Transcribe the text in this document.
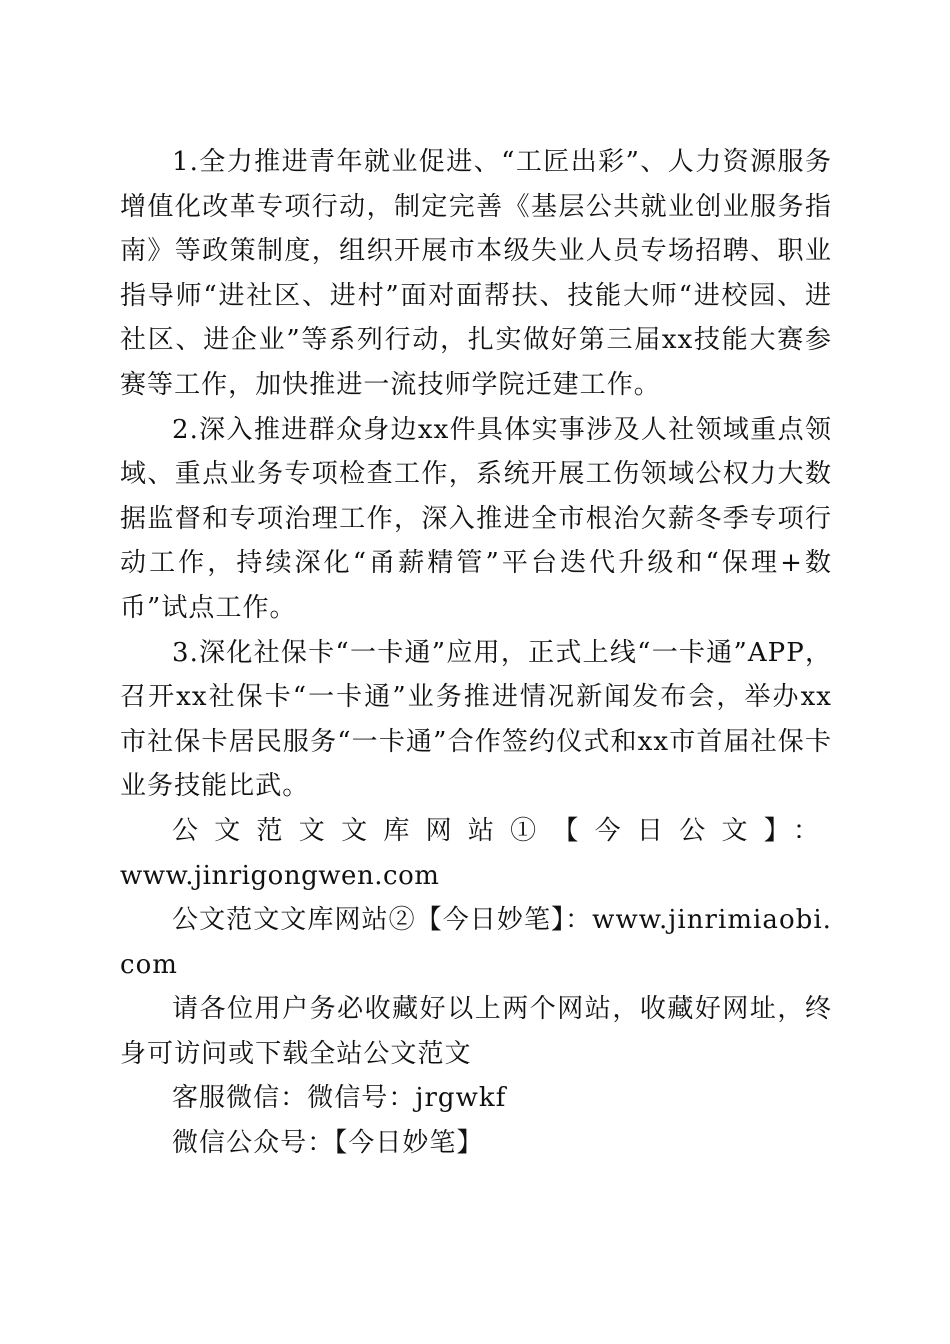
1.全力推进青年就业促进、“工匠出彩”、人力资源服务增值化改革专项行动，制定完善《基层公共就业创业服务指南》等政策制度，组织开展市本级失业人员专场招聘、职业指导师“进社区、进村”面对面帮扶、技能大师“进校园、进社区、进企业”等系列行动，扎实做好第三届xx技能大赛参赛等工作，加快推进一流技师学院迁建工作。

2.深入推进群众身边xx件具体实事涉及人社领域重点领域、重点业务专项检查工作，系统开展工伤领域公权力大数据监督和专项治理工作，深入推进全市根治欠薪冬季专项行动工作，持续深化“甬薪精管”平台迭代升级和“保理+数币”试点工作。

3.深化社保卡“一卡通”应用，正式上线“一卡通”APP，召开xx社保卡“一卡通”业务推进情况新闻发布会，举办xx市社保卡居民服务“一卡通”合作签约仪式和xx市首届社保卡业务技能比武。

公文范文文库网站①【今日公文】：

www.jinrigongwen.com

公文范文文库网站②【今日妙笔】：www.jinrimiaobi.com

请各位用户务必收藏好以上两个网站，收藏好网址，终身可访问或下载全站公文范文

客服微信：微信号：jrgwkf

微信公众号：【今日妙笔】
